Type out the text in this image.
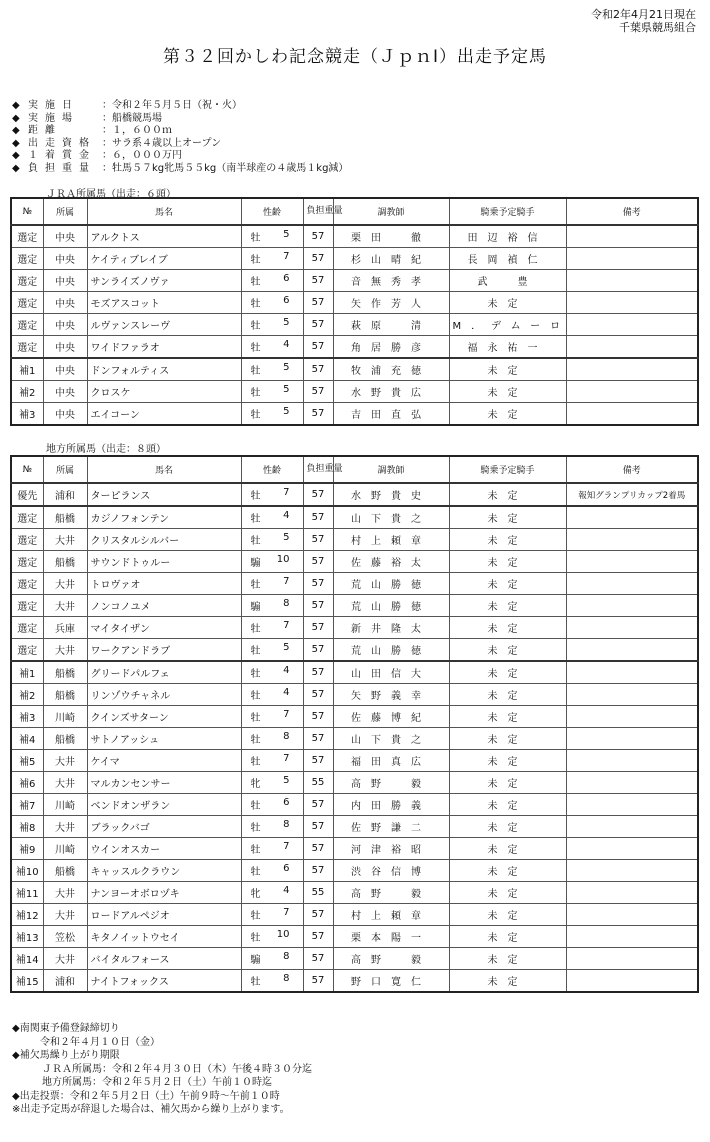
令和2年4月21日現在
千葉県競馬組合
第３２回かしわ記念競走（ＪｐｎⅠ）出走予定馬
◆ 実施日	： 令和２年５月５日（祝・火）
◆ 実施場	： 船橋競馬場
◆ 距離	： １，６００ｍ
◆ 出走資格 ： サラ系４歳以上オープン
◆ １着賞金 ： ６，０００万円
◆ 負担重量 ： 牡馬５７kg牝馬５５kg（南半球産の４歳馬１kg減）
ＪＲＡ所属馬（出走：６頭）
№	所属	馬名	性齢	負担重量	調教師	騎乗予定騎手	備考
選定	中央	アルクトス	牡 5	57	栗田　徹	田辺裕信	
選定	中央	ケイティブレイブ	牡 7	57	杉山晴紀	長岡禎仁	
選定	中央	サンライズノヴァ	牡 6	57	音無秀孝	武　豊	
選定	中央	モズアスコット	牡 6	57	矢作芳人	未定	
選定	中央	ルヴァンスレーヴ	牡 5	57	萩原　清	M．デムーロ	
選定	中央	ワイドファラオ	牡 4	57	角居勝彦	福永祐一	
補1	中央	ドンフォルティス	牡 5	57	牧浦充徳	未定	
補2	中央	クロスケ	牡 5	57	水野貴広	未定	
補3	中央	エイコーン	牡 5	57	吉田直弘	未定	
地方所属馬（出走：８頭）
№	所属	馬名	性齢	負担重量	調教師	騎乗予定騎手	備考
優先	浦和	ターピランス	牡 7	57	水野貴史	未定	報知グランプリカップ2着馬
選定	船橋	カジノフォンテン	牡 4	57	山下貴之	未定	
選定	大井	クリスタルシルバー	牡 5	57	村上頼章	未定	
選定	船橋	サウンドトゥルー	騸 10	57	佐藤裕太	未定	
選定	大井	トロヴァオ	牡 7	57	荒山勝徳	未定	
選定	大井	ノンコノユメ	騸 8	57	荒山勝徳	未定	
選定	兵庫	マイタイザン	牡 7	57	新井隆太	未定	
選定	大井	ワークアンドラブ	牡 5	57	荒山勝徳	未定	
補1	船橋	グリードパルフェ	牡 4	57	山田信大	未定	
補2	船橋	リンゾウチャネル	牡 4	57	矢野義幸	未定	
補3	川崎	クインズサターン	牡 7	57	佐藤博紀	未定	
補4	船橋	サトノアッシュ	牡 8	57	山下貴之	未定	
補5	大井	ケイマ	牡 7	57	福田真広	未定	
補6	大井	マルカンセンサー	牝 5	55	高野　毅	未定	
補7	川崎	ベンドオンザラン	牡 6	57	内田勝義	未定	
補8	大井	ブラックバゴ	牡 8	57	佐野謙二	未定	
補9	川崎	ウインオスカー	牡 7	57	河津裕昭	未定	
補10	船橋	キャッスルクラウン	牡 6	57	渋谷信博	未定	
補11	大井	ナンヨーオボロヅキ	牝 4	55	高野　毅	未定	
補12	大井	ロードアルペジオ	牡 7	57	村上頼章	未定	
補13	笠松	キタノイットウセイ	牡 10	57	栗本陽一	未定	
補14	大井	バイタルフォース	騸 8	57	高野　毅	未定	
補15	浦和	ナイトフォックス	牡 8	57	野口寛仁	未定	
◆南関東予備登録締切り
令和２年４月１０日（金）
◆補欠馬繰り上がり期限
ＪＲＡ所属馬：令和２年４月３０日（木）午後４時３０分迄
地方所属馬：令和２年５月２日（土）午前１０時迄
◆出走投票：令和２年５月２日（土）午前９時～午前１０時
※出走予定馬が辞退した場合は、補欠馬から繰り上がります。
